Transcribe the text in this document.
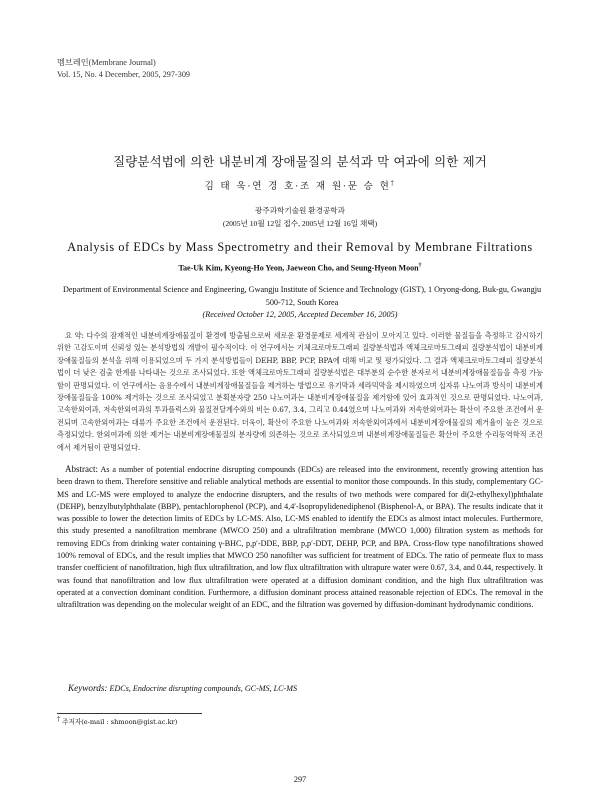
멤브레인(Membrane Journal)
Vol. 15, No. 4 December, 2005, 297-309
질량분석법에 의한 내분비계 장애물질의 분석과 막 여과에 의한 제거
김 태 욱·연 경 호·조 재 원·문 승 현†
광주과학기술원 환경공학과
(2005년 10월 12일 접수, 2005년 12월 16일 채택)
Analysis of EDCs by Mass Spectrometry and their Removal by Membrane Filtrations
Tae-Uk Kim, Kyeong-Ho Yeon, Jaeweon Cho, and Seung-Hyeon Moon†
Department of Environmental Science and Engineering, Gwangju Institute of Science and Technology (GIST), 1 Oryong-dong, Buk-gu, Gwangju 500-712, South Korea
(Received October 12, 2005, Accepted December 16, 2005)
요 약: 다수의 잠재적인 내분비계장애물질이 환경에 방출됨으로써 새로운 환경문제로 세계적 관심이 모아지고 있다. 이러한 물질들을 측정하고 감시하기 위한 고감도이며 신뢰성 있는 분석방법의 개발이 필수적이다. 이 연구에서는 기체크로마토그래피 질량분석법과 액체크로마토그래피 질량분석법이 내분비계장애물질들의 분석을 위해 이용되었으며 두 가지 분석방법들이 DEHP, BBP, PCP, BPA에 대해 비교 및 평가되었다. 그 결과 액체크로마토그래피 질량분석법이 더 낮은 검출 한계를 나타내는 것으로 조사되었다. 또한 액체크로마토그래피 질량분석법은 대부분의 순수한 분자로서 내분비계장애물질들을 측정 가능함이 판명되었다. 이 연구에서는 음용수에서 내분비계장애물질들을 제거하는 방법으로 유기막과 세라믹막을 제시하였으며 십자류 나노여과 방식이 내분비계장애물질들을 100% 제거하는 것으로 조사되었고 분획분자량 250 나노여과는 내분비계장애물질을 제거함에 있어 효과적인 것으로 판명되었다. 나노여과, 고속한외여과, 저속한외여과의 투과플럭스와 물질전달계수와의 비는 0.67, 3.4, 그리고 0.44였으며 나노여과와 저속한외여과는 확산이 주요한 조건에서 운전되며 고속한외여과는 대류가 주요한 조건에서 운전된다. 더욱이, 확산이 주요한 나노여과와 저속한외여과에서 내분비계장애물질의 제거율이 높은 것으로 측정되었다. 한외여과에 의한 제거는 내분비계장애물질의 분자량에 의존하는 것으로 조사되었으며 내분비계장애물질들은 확산이 주요한 수리동역학적 조건에서 제거됨이 판명되었다.
Abstract: As a number of potential endocrine disrupting compounds (EDCs) are released into the environment, recently growing attention has been drawn to them. Therefore sensitive and reliable analytical methods are essential to monitor those compounds. In this study, complementary GC-MS and LC-MS were employed to analyze the endocrine disrupters, and the results of two methods were compared for di(2-ethylhexyl)phthalate (DEHP), benzylbutylphthalate (BBP), pentachlorophenol (PCP), and 4,4′-Isopropylidenediphenol (Bisphenol-A, or BPA). The results indicate that it was possible to lower the detection limits of EDCs by LC-MS. Also, LC-MS enabled to identify the EDCs as almost intact molecules. Furthermore, this study presented a nanofiltration membrane (MWCO 250) and a ultrafiltration membrane (MWCO 1,000) filtration system as methods for removing EDCs from drinking water containing γ-BHC, p,p′-DDE, BBP, p,p′-DDT, DEHP, PCP, and BPA. Cross-flow type nanofiltrations showed 100% removal of EDCs, and the result implies that MWCO 250 nanofilter was sufficient for treatment of EDCs. The ratio of permeate flux to mass transfer coefficient of nanofiltration, high flux ultrafiltration, and low flux ultrafiltration with ultrapure water were 0.67, 3.4, and 0.44, respectively. It was found that nanofiltration and low flux ultrafiltration were operated at a diffusion dominant condition, and the high flux ultrafiltration was operated at a convection dominant condition. Furthermore, a diffusion dominant process attained reasonable rejection of EDCs. The removal in the ultrafiltration was depending on the molecular weight of an EDC, and the filtration was governed by diffusion-dominant hydrodynamic conditions.
Keywords: EDCs, Endocrine disrupting compounds, GC-MS, LC-MS
† 주저자(e-mail : shmoon@gist.ac.kr)
297
